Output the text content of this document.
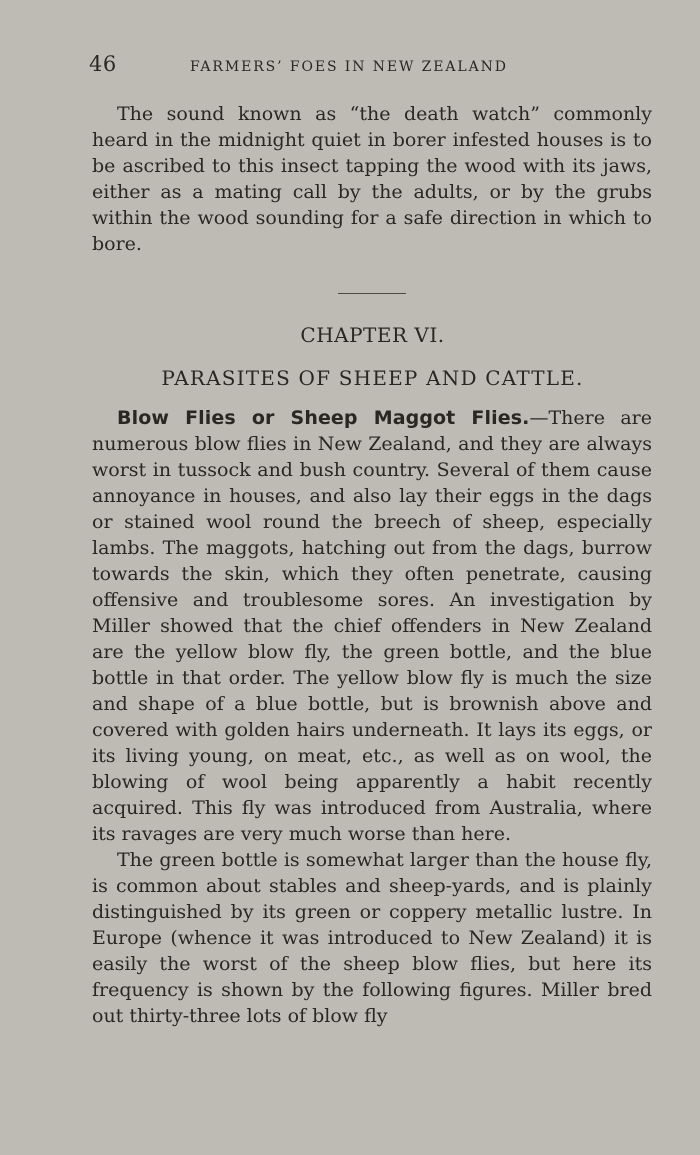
46	FARMERS’ FOES IN NEW ZEALAND

The sound known as “the death watch” commonly heard in the midnight quiet in borer infested houses is to be ascribed to this insect tapping the wood with its jaws, either as a mating call by the adults, or by the grubs within the wood sounding for a safe direction in which to bore.

CHAPTER VI.
PARASITES OF SHEEP AND CATTLE.

Blow Flies or Sheep Maggot Flies.—There are numerous blow flies in New Zealand, and they are always worst in tussock and bush country. Several of them cause annoyance in houses, and also lay their eggs in the dags or stained wool round the breech of sheep, especially lambs. The maggots, hatching out from the dags, burrow towards the skin, which they often penetrate, causing offensive and troublesome sores. An investigation by Miller showed that the chief offenders in New Zealand are the yellow blow fly, the green bottle, and the blue bottle in that order. The yellow blow fly is much the size and shape of a blue bottle, but is brownish above and covered with golden hairs underneath. It lays its eggs, or its living young, on meat, etc., as well as on wool, the blowing of wool being apparently a habit recently acquired. This fly was introduced from Australia, where its ravages are very much worse than here.

The green bottle is somewhat larger than the house fly, is common about stables and sheep-yards, and is plainly distinguished by its green or coppery metallic lustre. In Europe (whence it was introduced to New Zealand) it is easily the worst of the sheep blow flies, but here its frequency is shown by the following figures. Miller bred out thirty-three lots of blow fly
